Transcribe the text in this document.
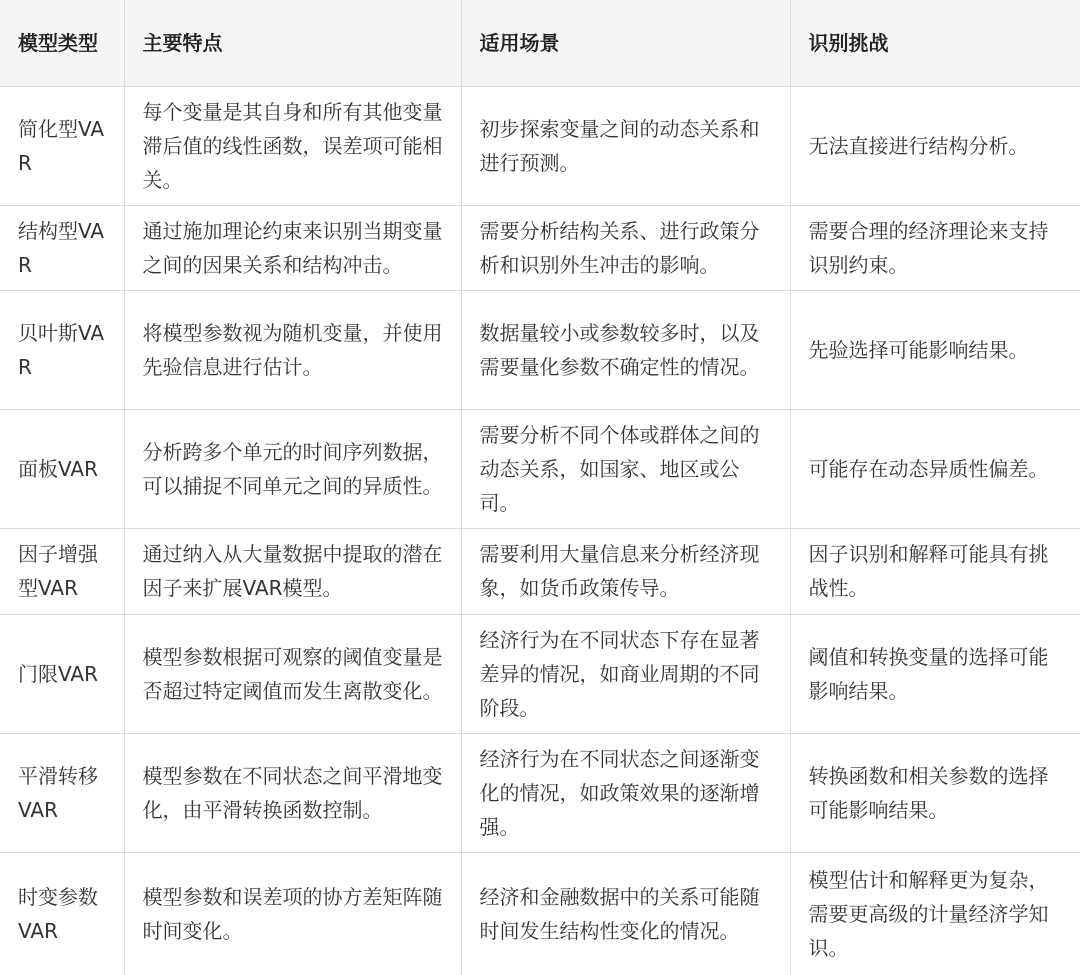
模型类型	主要特点	适用场景	识别挑战
简化型VAR	每个变量是其自身和所有其他变量滞后值的线性函数，误差项可能相关。	初步探索变量之间的动态关系和进行预测。	无法直接进行结构分析。
结构型VAR	通过施加理论约束来识别当期变量之间的因果关系和结构冲击。	需要分析结构关系、进行政策分析和识别外生冲击的影响。	需要合理的经济理论来支持识别约束。
贝叶斯VAR	将模型参数视为随机变量，并使用先验信息进行估计。	数据量较小或参数较多时，以及需要量化参数不确定性的情况。	先验选择可能影响结果。
面板VAR	分析跨多个单元的时间序列数据，可以捕捉不同单元之间的异质性。	需要分析不同个体或群体之间的动态关系，如国家、地区或公司。	可能存在动态异质性偏差。
因子增强型VAR	通过纳入从大量数据中提取的潜在因子来扩展VAR模型。	需要利用大量信息来分析经济现象，如货币政策传导。	因子识别和解释可能具有挑战性。
门限VAR	模型参数根据可观察的阈值变量是否超过特定阈值而发生离散变化。	经济行为在不同状态下存在显著差异的情况，如商业周期的不同阶段。	阈值和转换变量的选择可能影响结果。
平滑转移VAR	模型参数在不同状态之间平滑地变化，由平滑转换函数控制。	经济行为在不同状态之间逐渐变化的情况，如政策效果的逐渐增强。	转换函数和相关参数的选择可能影响结果。
时变参数VAR	模型参数和误差项的协方差矩阵随时间变化。	经济和金融数据中的关系可能随时间发生结构性变化的情况。	模型估计和解释更为复杂，需要更高级的计量经济学知识。
